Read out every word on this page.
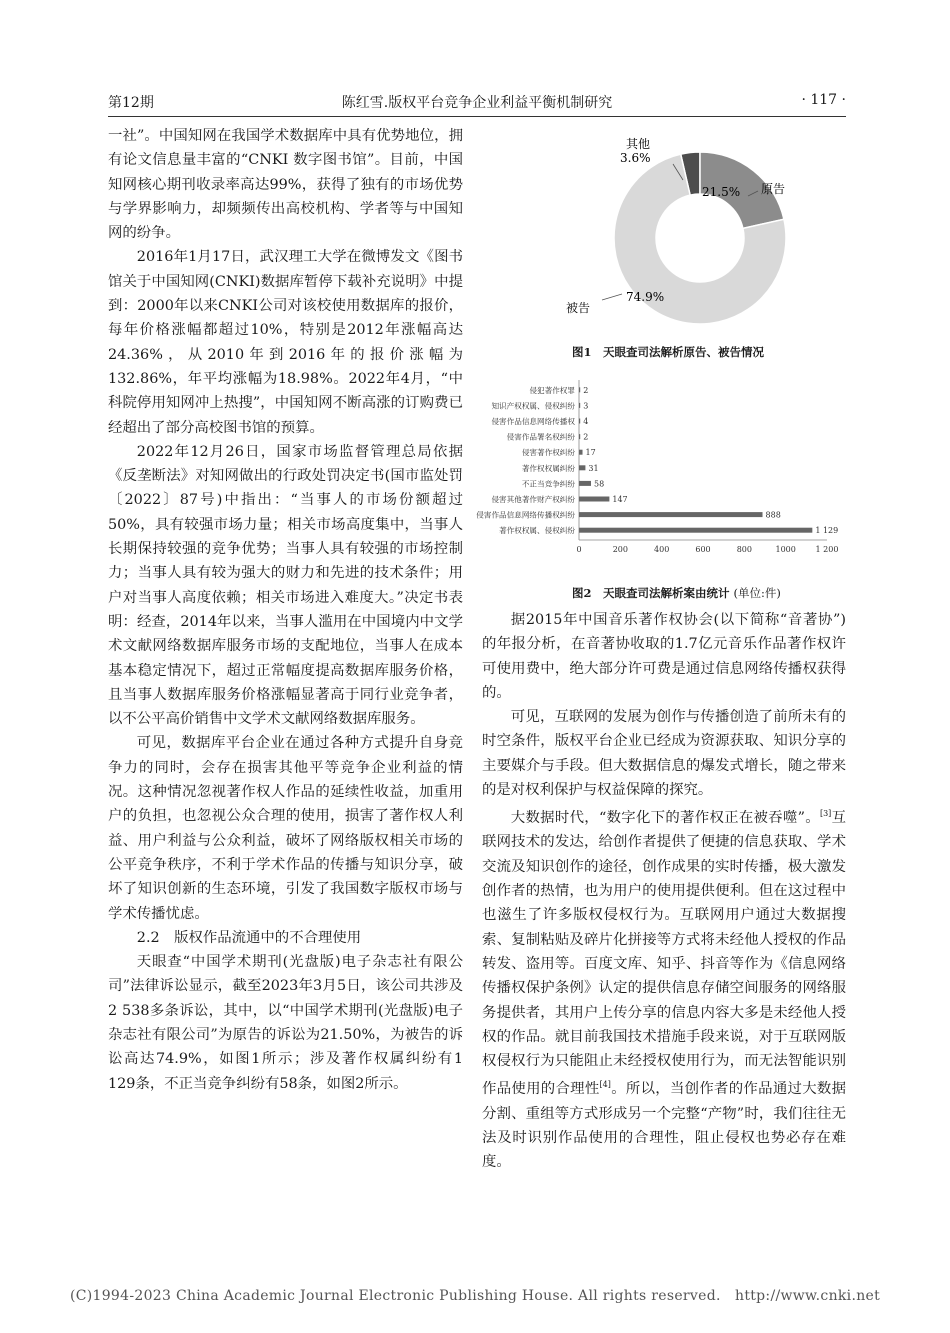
第12期	陈红雪.版权平台竞争企业利益平衡机制研究	· 117 ·

一社”。中国知网在我国学术数据库中具有优势地位，拥有论文信息量丰富的“CNKI 数字图书馆”。目前，中国知网核心期刊收录率高达99%，获得了独有的市场优势与学界影响力，却频频传出高校机构、学者等与中国知网的纷争。

2016年1月17日，武汉理工大学在微博发文《图书馆关于中国知网(CNKI)数据库暂停下载补充说明》中提到：2000年以来CNKI公司对该校使用数据库的报价，每年价格涨幅都超过10%，特别是2012年涨幅高达24.36%，从2010年到2016年的报价涨幅为132.86%，年平均涨幅为18.98%。2022年4月，“中科院停用知网冲上热搜”，中国知网不断高涨的订购费已经超出了部分高校图书馆的预算。

2022年12月26日，国家市场监督管理总局依据《反垄断法》对知网做出的行政处罚决定书(国市监处罚〔2022〕87号)中指出：“当事人的市场份额超过50%，具有较强市场力量；相关市场高度集中，当事人长期保持较强的竞争优势；当事人具有较强的市场控制力；当事人具有较为强大的财力和先进的技术条件；用户对当事人高度依赖；相关市场进入难度大。”决定书表明：经查，2014年以来，当事人滥用在中国境内中文学术文献网络数据库服务市场的支配地位，当事人在成本基本稳定情况下，超过正常幅度提高数据库服务价格，且当事人数据库服务价格涨幅显著高于同行业竞争者，以不公平高价销售中文学术文献网络数据库服务。

可见，数据库平台企业在通过各种方式提升自身竞争力的同时，会存在损害其他平等竞争企业利益的情况。这种情况忽视著作权人作品的延续性收益，加重用户的负担，也忽视公众合理的使用，损害了著作权人利益、用户利益与公众利益，破坏了网络版权相关市场的公平竞争秩序，不利于学术作品的传播与知识分享，破坏了知识创新的生态环境，引发了我国数字版权市场与学术传播忧虑。

2.2　版权作品流通中的不合理使用

天眼查“中国学术期刊(光盘版)电子杂志社有限公司”法律诉讼显示，截至2023年3月5日，该公司共涉及2 538多条诉讼，其中，以“中国学术期刊(光盘版)电子杂志社有限公司”为原告的诉讼为21.50%，为被告的诉讼高达74.9%，如图1所示；涉及著作权属纠纷有1 129条，不正当竞争纠纷有58条，如图2所示。

其他
3.6%
21.5% 原告
被告
74.9%
图1　天眼查司法解析原告、被告情况
侵犯著作权罪 2
知识产权权属、侵权纠纷 3
侵害作品信息网络传播权 4
侵害作品署名权纠纷 2
侵害著作权纠纷 17
著作权权属纠纷 31
不正当竞争纠纷 58
侵害其他著作财产权纠纷	147
侵害作品信息网络传播权纠纷	888
著作权权属、侵权纠纷	1 129
0	200	400	600	800	1000 1 200
图2　天眼查司法解析案由统计 (单位:件)

据2015年中国音乐著作权协会(以下简称“音著协”)的年报分析，在音著协收取的1.7亿元音乐作品著作权许可使用费中，绝大部分许可费是通过信息网络传播权获得的。

可见，互联网的发展为创作与传播创造了前所未有的时空条件，版权平台企业已经成为资源获取、知识分享的主要媒介与手段。但大数据信息的爆发式增长，随之带来的是对权利保护与权益保障的探究。

大数据时代，“数字化下的著作权正在被吞噬”。[3]互联网技术的发达，给创作者提供了便捷的信息获取、学术交流及知识创作的途径，创作成果的实时传播，极大激发创作者的热情，也为用户的使用提供便利。但在这过程中也滋生了许多版权侵权行为。互联网用户通过大数据搜索、复制粘贴及碎片化拼接等方式将未经他人授权的作品转发、盗用等。百度文库、知乎、抖音等作为《信息网络传播权保护条例》认定的提供信息存储空间服务的网络服务提供者，其用户上传分享的信息内容大多是未经他人授权的作品。就目前我国技术措施手段来说，对于互联网版权侵权行为只能阻止未经授权使用行为，而无法智能识别作品使用的合理性[4]。所以，当创作者的作品通过大数据分割、重组等方式形成另一个完整“产物”时，我们往往无法及时识别作品使用的合理性，阻止侵权也势必存在难度。

(C)1994-2023 China Academic Journal Electronic Publishing House. All rights reserved.　http://www.cnki.net
